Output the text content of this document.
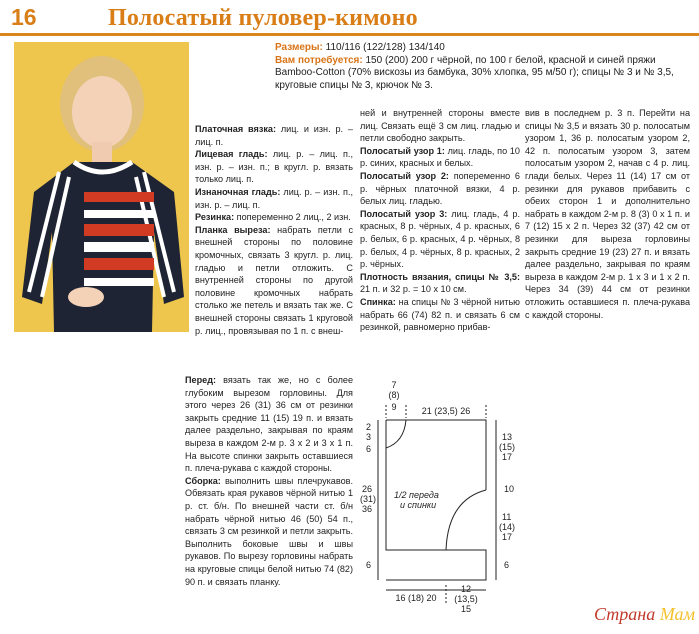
16	Полосатый пуловер-кимоно
Размеры: 110/116 (122/128) 134/140
Вам потребуется: 150 (200) 200 г чёрной, по 100 г белой, красной и синей пряжи Bamboo-Cotton (70% вискозы из бамбука, 30% хлопка, 95 м/50 г); спицы № 3 и № 3,5, круговые спицы № 3, крючок № 3.

Платочная вязка: лиц. и изн. р. – лиц. п.

Лицевая гладь: лиц. р. – лиц. п., изн. р. – изн. п.; в кругл. р. вязать только лиц. п.

Изнаночная гладь: лиц. р. – изн. п., изн. р. – лиц. п.

Резинка: попеременно 2 лиц., 2 изн.

Планка выреза: набрать петли с внешней стороны по половине кромочных, связать 3 кругл. р. лиц. гладью и петли отложить. С внутренней стороны по другой половине кромочных набрать столько же петель и вязать так же. С внешней стороны связать 1 круговой р. лиц., провязывая по 1 п. с внеш-

ней и внутренней стороны вместе лиц. Связать ещё 3 см лиц. гладью и петли свободно закрыть.

Полосатый узор 1: лиц. гладь, по 10 р. синих, красных и белых.

Полосатый узор 2: попеременно 6 р. чёрных платочной вязки, 4 р. белых лиц. гладью.

Полосатый узор 3: лиц. гладь, 4 р. красных, 8 р. чёрных, 4 р. красных, 6 р. белых, 6 р. красных, 4 р. чёрных, 8 р. белых, 4 р. чёрных, 8 р. красных, 2 р. чёрных.

Плотность вязания, спицы № 3,5: 21 п. и 32 р. = 10 х 10 см.

Спинка: на спицы № 3 чёрной нитью набрать 66 (74) 82 п. и связать 6 см резинкой, равномерно прибав-

вив в последнем р. 3 п. Перейти на спицы № 3,5 и вязать 30 р. полосатым узором 1, 36 р. полосатым узором 2, 42 п. полосатым узором 3, затем полосатым узором 2, начав с 4 р. лиц. глади белых. Через 11 (14) 17 см от резинки для рукавов прибавить с обеих сторон 1 и дополнительно набрать в каждом 2-м р. 8 (3) 0 х 1 п. и 7 (12) 15 х 2 п. Через 32 (37) 42 см от резинки для выреза горловины закрыть средние 19 (23) 27 п. и вязать далее раздельно, закрывая по краям выреза в каждом 2-м р. 1 х 3 и 1 х 2 п. Через 34 (39) 44 см от резинки отложить оставшиеся п. плеча-рукава с каждой стороны.

Перед: вязать так же, но с более глубоким вырезом горловины. Для этого через 26 (31) 36 см от резинки закрыть средние 11 (15) 19 п. и вязать далее раздельно, закрывая по краям выреза в каждом 2-м р. 3 х 2 и 3 х 1 п. На высоте спинки закрыть оставшиеся п. плеча-рукава с каждой стороны.

Сборка: выполнить швы плечрукавов. Обвязать края рукавов чёрной нитью 1 р. ст. б/н. По внешней части ст. б/н набрать чёрной нитью 46 (50) 54 п., связать 3 см резинкой и петли закрыть. Выполнить боковые швы и швы рукавов. По вырезу горловины набрать на круговые спицы белой нитью 74 (82) 90 п. и связать планку.

7
(8)
9	21 (23,5) 26
2
3
6
26
(31)
36
6
1/2 переда
и спинки
13
(15)
17
10
11
(14)
17
6
16 (18) 20
12
(13,5)
15	Страна Мам
